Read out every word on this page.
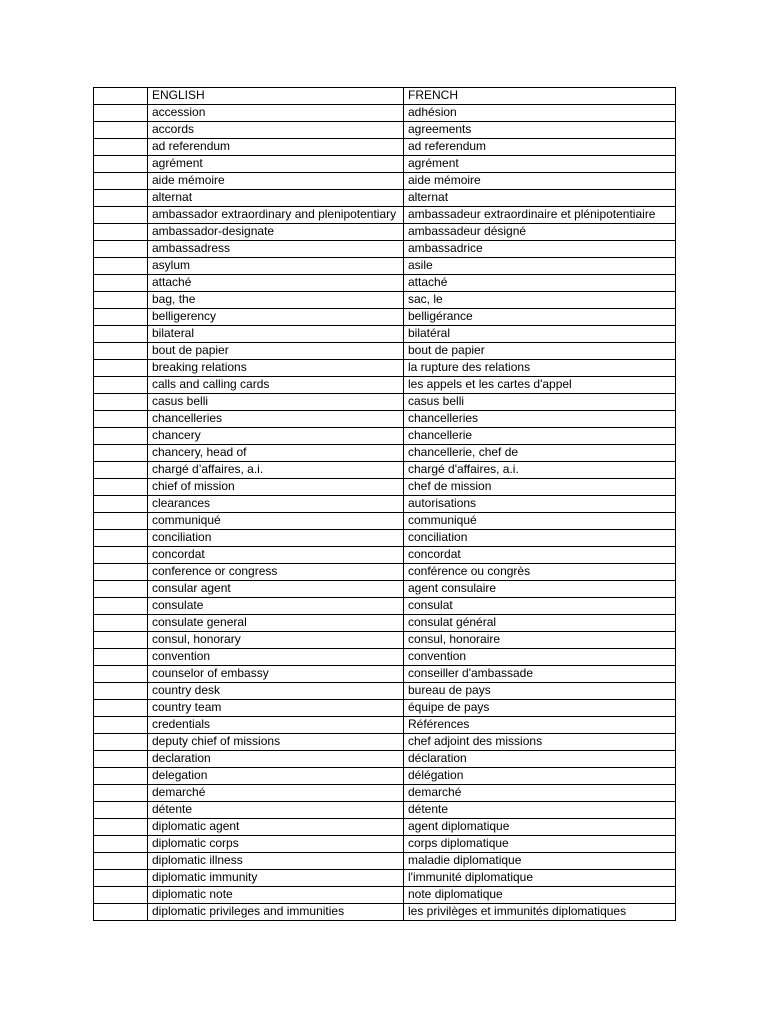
	ENGLISH	FRENCH
	accession	adhésion
	accords	agreements
	ad referendum	ad referendum
	agrément	agrément
	aide mémoire	aide mémoire
	alternat	alternat
	ambassador extraordinary and plenipotentiary	ambassadeur extraordinaire et plénipotentiaire
	ambassador-designate	ambassadeur désigné
	ambassadress	ambassadrice
	asylum	asile
	attaché	attaché
	bag, the	sac, le
	belligerency	belligérance
	bilateral	bilatéral
	bout de papier	bout de papier
	breaking relations	la rupture des relations
	calls and calling cards	les appels et les cartes d'appel
	casus belli	casus belli
	chancelleries	chancelleries
	chancery	chancellerie
	chancery, head of	chancellerie, chef de
	chargé d’affaires, a.i.	chargé d'affaires, a.i.
	chief of mission	chef de mission
	clearances	autorisations
	communiqué	communiqué
	conciliation	conciliation
	concordat	concordat
	conference or congress	conférence ou congrès
	consular agent	agent consulaire
	consulate	consulat
	consulate general	consulat général
	consul, honorary	consul, honoraire
	convention	convention
	counselor of embassy	conseiller d'ambassade
	country desk	bureau de pays
	country team	équipe de pays
	credentials	Références
	deputy chief of missions	chef adjoint des missions
	declaration	déclaration
	delegation	délégation
	demarché	demarché
	détente	détente
	diplomatic agent	agent diplomatique
	diplomatic corps	corps diplomatique
	diplomatic illness	maladie diplomatique
	diplomatic immunity	l'immunité diplomatique
	diplomatic note	note diplomatique
	diplomatic privileges and immunities	les privilèges et immunités diplomatiques
